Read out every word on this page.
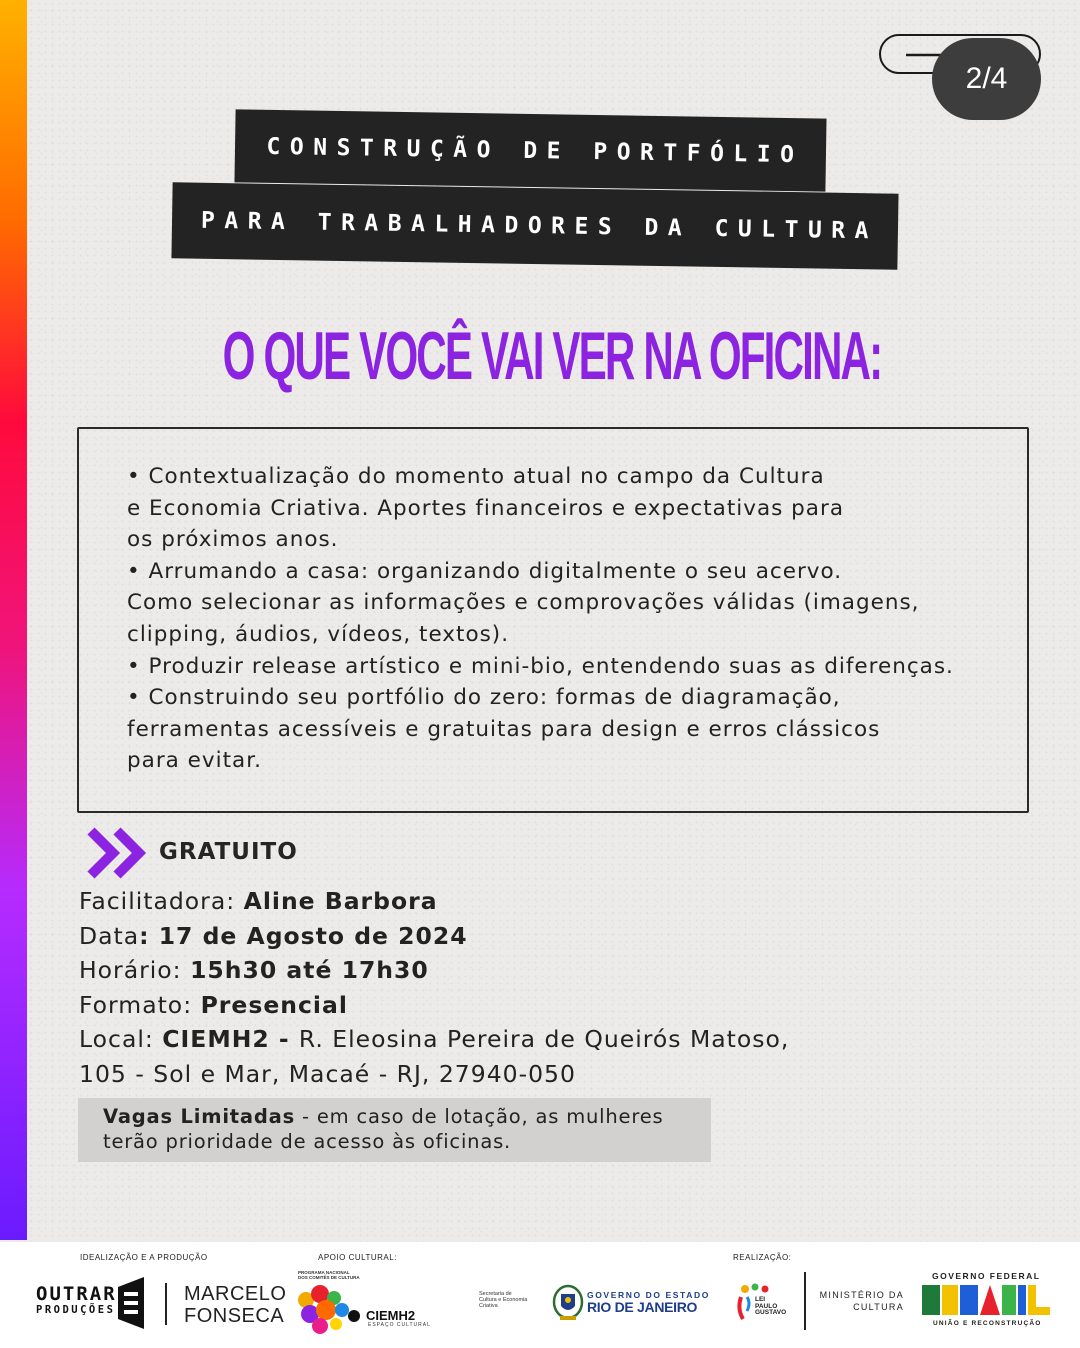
2/4
CONSTRUÇÃO DE PORTFÓLIO
PARA TRABALHADORES DA CULTURA
O QUE VOCÊ VAI VER NA OFICINA:
• Contextualização do momento atual no campo da Cultura
e Economia Criativa. Aportes financeiros e expectativas para
os próximos anos.
• Arrumando a casa: organizando digitalmente o seu acervo.
Como selecionar as informações e comprovações válidas (imagens,
clipping, áudios, vídeos, textos).
• Produzir release artístico e mini-bio, entendendo suas as diferenças.
• Construindo seu portfólio do zero: formas de diagramação,
ferramentas acessíveis e gratuitas para design e erros clássicos
para evitar.
GRATUITO
Facilitadora: Aline Barbora
Data: 17 de Agosto de 2024
Horário: 15h30 até 17h30
Formato: Presencial
Local: CIEMH2 - R. Eleosina Pereira de Queirós Matoso,
105 - Sol e Mar, Macaé - RJ, 27940-050
Vagas Limitadas - em caso de lotação, as mulheres
terão prioridade de acesso às oficinas.
IDEALIZAÇÃO E A PRODUÇÃO	APOIO CULTURAL:	REALIZAÇÃO:
OUTRAR
PRODUÇÕES
MARCELO
FONSECA
PROGRAMA NACIONAL
DOS COMITÊS DE CULTURA
CIEMH2
ESPAÇO CULTURAL
Secretaria de
Cultura e Economia
Criativa
GOVERNO DO ESTADO
RIO DE JANEIRO	LEI
PAULO
GUSTAVO
MINISTÉRIO DA
CULTURA
GOVERNO FEDERAL
UNIÃO E RECONSTRUÇÃO
